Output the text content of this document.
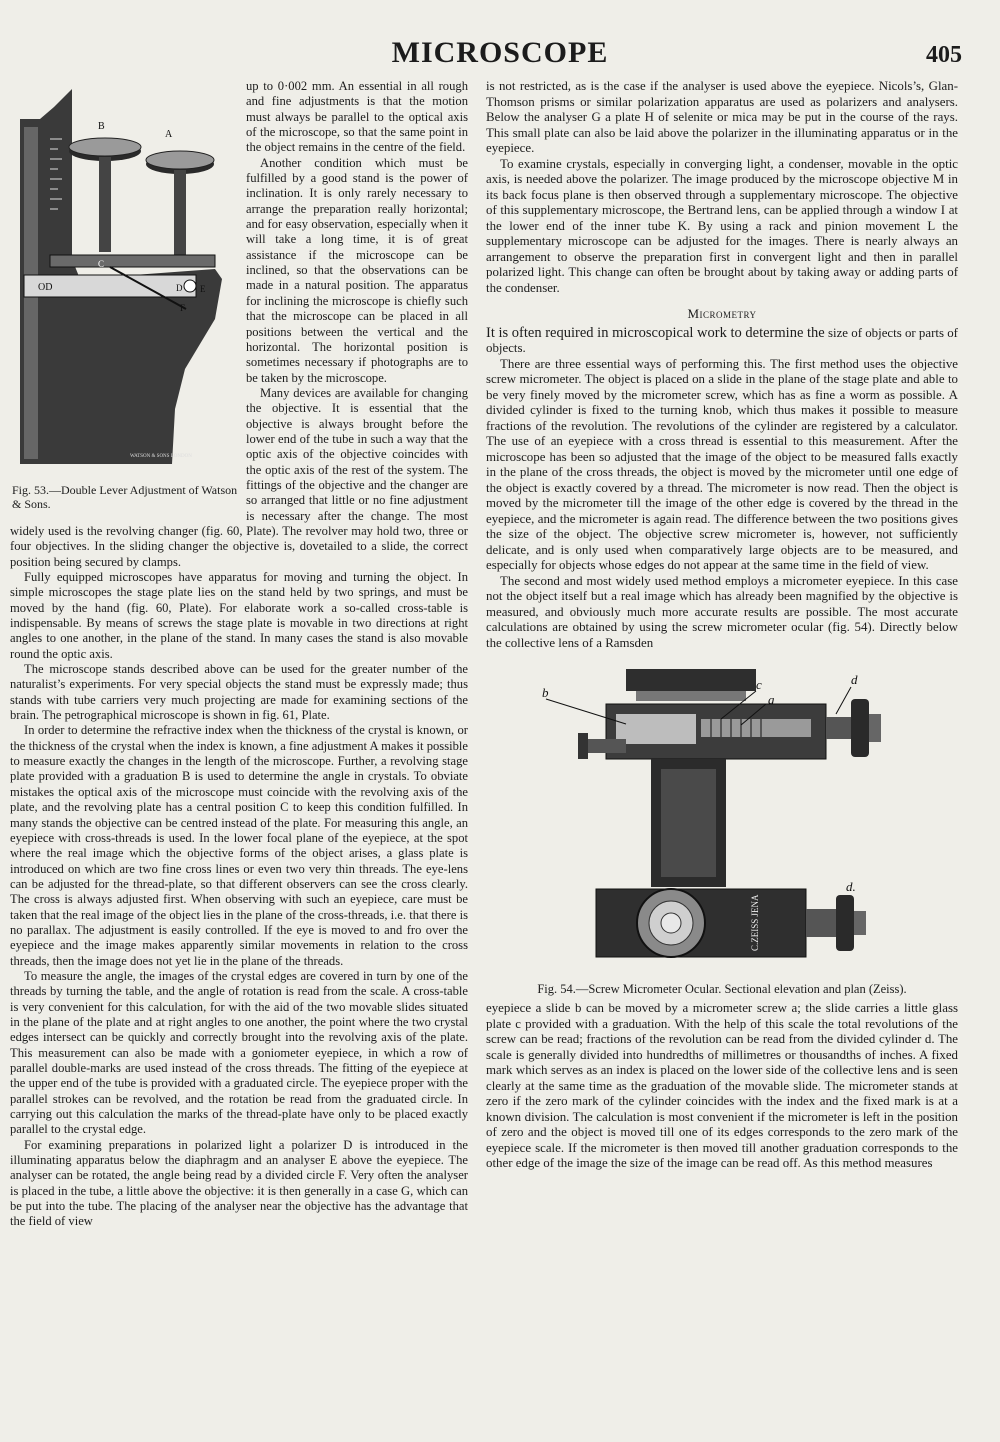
MICROSCOPE	405
B
A
OD
C
D E
F
WATSON & SONS LONDON
Fig. 53.—Double Lever Adjustment of Watson & Sons.

up to 0·002 mm. An essential in all rough and fine adjustments is that the motion must always be parallel to the optical axis of the microscope, so that the same point in the object remains in the centre of the field.

Another condition which must be fulfilled by a good stand is the power of inclination. It is only rarely necessary to arrange the preparation really horizontal; and for easy observation, especially when it will take a long time, it is of great assistance if the microscope can be inclined, so that the observations can be made in a natural position. The apparatus for inclining the microscope is chiefly such that the microscope can be placed in all positions between the vertical and the horizontal. The horizontal position is sometimes necessary if photographs are to be taken by the microscope.

Many devices are available for changing the objective. It is essential that the objective is always brought before the lower end of the tube in such a way that the optic axis of the objective coincides with the optic axis of the rest of the system. The fittings of the objective and the changer are so arranged that little or no fine adjustment is necessary after the change. The most widely used is the revolving changer (fig. 60, Plate). The revolver may hold two, three or four objectives. In the sliding changer the objective is, dovetailed to a slide, the correct position being secured by clamps.

Fully equipped microscopes have apparatus for moving and turning the object. In simple microscopes the stage plate lies on the stand held by two springs, and must be moved by the hand (fig. 60, Plate). For elaborate work a so-called cross-table is indispensable. By means of screws the stage plate is movable in two directions at right angles to one another, in the plane of the stand. In many cases the stand is also movable round the optic axis.

The microscope stands described above can be used for the greater number of the naturalist’s experiments. For very special objects the stand must be expressly made; thus stands with tube carriers very much projecting are made for examining sections of the brain. The petrographical microscope is shown in fig. 61, Plate.

In order to determine the refractive index when the thickness of the crystal is known, or the thickness of the crystal when the index is known, a fine adjustment A makes it possible to measure exactly the changes in the length of the microscope. Further, a revolving stage plate provided with a graduation B is used to determine the angle in crystals. To obviate mistakes the optical axis of the microscope must coincide with the revolving axis of the plate, and the revolving plate has a central position C to keep this condition fulfilled. In many stands the objective can be centred instead of the plate. For measuring this angle, an eyepiece with cross-threads is used. In the lower focal plane of the eyepiece, at the spot where the real image which the objective forms of the object arises, a glass plate is introduced on which are two fine cross lines or even two very thin threads. The eye-lens can be adjusted for the thread-plate, so that different observers can see the cross clearly. The cross is always adjusted first. When observing with such an eyepiece, care must be taken that the real image of the object lies in the plane of the cross-threads, i.e. that there is no parallax. The adjustment is easily controlled. If the eye is moved to and fro over the eyepiece and the image makes apparently similar movements in relation to the cross threads, then the image does not yet lie in the plane of the threads.

To measure the angle, the images of the crystal edges are covered in turn by one of the threads by turning the table, and the angle of rotation is read from the scale. A cross-table is very convenient for this calculation, for with the aid of the two movable slides situated in the plane of the plate and at right angles to one another, the point where the two crystal edges intersect can be quickly and correctly brought into the revolving axis of the plate. This measurement can also be made with a goniometer eyepiece, in which a row of parallel double-marks are used instead of the cross threads. The fitting of the eyepiece at the upper end of the tube is provided with a graduated circle. The eyepiece proper with the parallel strokes can be revolved, and the rotation be read from the graduated circle. In carrying out this calculation the marks of the thread-plate have only to be placed exactly parallel to the crystal edge.

For examining preparations in polarized light a polarizer D is introduced in the illuminating apparatus below the diaphragm and an analyser E above the eyepiece. The analyser can be rotated, the angle being read by a divided circle F. Very often the analyser is placed in the tube, a little above the objective: it is then generally in a case G, which can be put into the tube. The placing of the analyser near the objective has the advantage that the field of view

is not restricted, as is the case if the analyser is used above the eyepiece. Nicols’s, Glan-Thomson prisms or similar polarization apparatus are used as polarizers and analysers. Below the analyser G a plate H of selenite or mica may be put in the course of the rays. This small plate can also be laid above the polarizer in the illuminating apparatus or in the eyepiece.

To examine crystals, especially in converging light, a condenser, movable in the optic axis, is needed above the polarizer. The image produced by the microscope objective M in its back focus plane is then observed through a supplementary microscope. The objective of this supplementary microscope, the Bertrand lens, can be applied through a window I at the lower end of the inner tube K. By using a rack and pinion movement L the supplementary microscope can be adjusted for the images. There is nearly always an arrangement to observe the preparation first in convergent light and then in parallel polarized light. This change can often be brought about by taking away or adding parts of the condenser.

Micrometry

It is often required in microscopical work to determine the size of objects or parts of objects.

There are three essential ways of performing this. The first method uses the objective screw micrometer. The object is placed on a slide in the plane of the stage plate and able to be very finely moved by the micrometer screw, which has as fine a worm as possible. A divided cylinder is fixed to the turning knob, which thus makes it possible to measure fractions of the revolution. The revolutions of the cylinder are registered by a calculator. The use of an eyepiece with a cross thread is essential to this measurement. After the microscope has been so adjusted that the image of the object to be measured falls exactly in the plane of the cross threads, the object is moved by the micrometer until one edge of the object is exactly covered by a thread. The micrometer is now read. Then the object is moved by the micrometer till the image of the other edge is covered by the thread in the eyepiece, and the micrometer is again read. The difference between the two positions gives the size of the object. The objective screw micrometer is, however, not sufficiently delicate, and is only used when comparatively large objects are to be measured, and especially for objects whose edges do not appear at the same time in the field of view.

The second and most widely used method employs a micrometer eyepiece. In this case not the object itself but a real image which has already been magnified by the objective is measured, and obviously much more accurate results are possible. The most accurate calculations are obtained by using the screw micrometer ocular (fig. 54). Directly below the collective lens of a Ramsden

b
c
a
d
d.
C.ZEISS JENA
Fig. 54.—Screw Micrometer Ocular. Sectional elevation and plan (Zeiss).

eyepiece a slide b can be moved by a micrometer screw a; the slide carries a little glass plate c provided with a graduation. With the help of this scale the total revolutions of the screw can be read; fractions of the revolution can be read from the divided cylinder d. The scale is generally divided into hundredths of millimetres or thousandths of inches. A fixed mark which serves as an index is placed on the lower side of the collective lens and is seen clearly at the same time as the graduation of the movable slide. The micrometer stands at zero if the zero mark of the cylinder coincides with the index and the fixed mark is at a known division. The calculation is most convenient if the micrometer is left in the position of zero and the object is moved till one of its edges corresponds to the zero mark of the eyepiece scale. If the micrometer is then moved till another graduation corresponds to the other edge of the image the size of the image can be read off. As this method measures
